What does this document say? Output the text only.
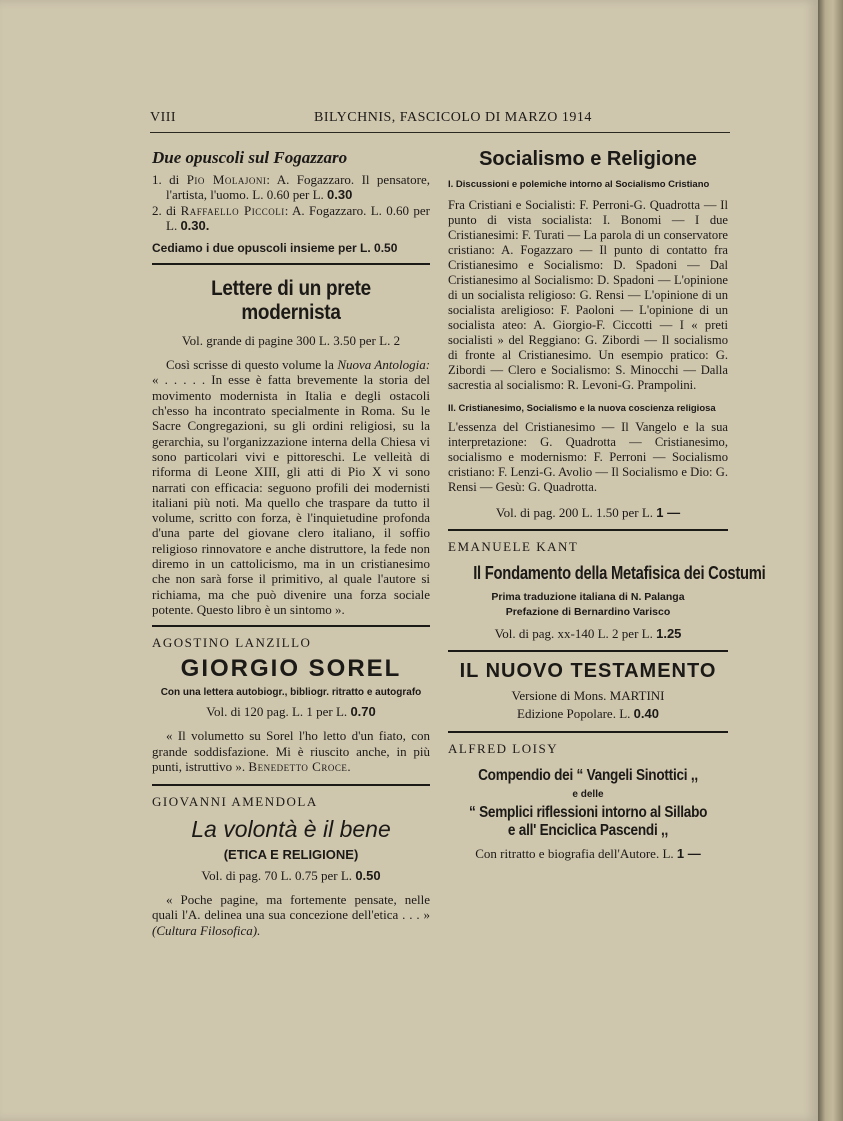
VIII	BILYCHNIS, FASCICOLO DI MARZO 1914
Due opuscoli sul Fogazzaro
1. di Pio Molajoni: A. Fogazzaro. Il pensatore, l'artista, l'uomo. L. 0.60 per L. 0.30
2. di Raffaello Piccoli: A. Fogazzaro. L. 0.60 per L. 0.30.

Cediamo i due opuscoli insieme per L. 0.50

Lettere di un prete modernista

Vol. grande di pagine 300 L. 3.50 per L. 2

Così scrisse di questo volume la Nuova Antologia: « . . . . . In esse è fatta brevemente la storia del movimento modernista in Italia e degli ostacoli ch'esso ha incontrato specialmente in Roma. Su le Sacre Congregazioni, su gli ordini religiosi, su la gerarchia, su l'organizzazione interna della Chiesa vi sono particolari vivi e pittoreschi. Le velleità di riforma di Leone XIII, gli atti di Pio X vi sono narrati con efficacia: seguono profili dei modernisti italiani più noti. Ma quello che traspare da tutto il volume, scritto con forza, è l'inquietudine profonda d'una parte del giovane clero italiano, il soffio religioso rinnovatore e anche distruttore, la fede non diremo in un cattolicismo, ma in un cristianesimo che non sarà forse il primitivo, al quale l'autore si richiama, ma che può divenire una forza sociale potente. Questo libro è un sintomo ».

AGOSTINO LANZILLO

GIORGIO SOREL

Con una lettera autobiogr., bibliogr. ritratto e autografo

Vol. di 120 pag. L. 1 per L. 0.70

« Il volumetto su Sorel l'ho letto d'un fiato, con grande soddisfazione. Mi è riuscito anche, in più punti, istruttivo ». Benedetto Croce.

GIOVANNI AMENDOLA

La volontà è il bene

(ETICA E RELIGIONE)

Vol. di pag. 70 L. 0.75 per L. 0.50

« Poche pagine, ma fortemente pensate, nelle quali l'A. delinea una sua concezione dell'etica . . . » (Cultura Filosofica).

Socialismo e Religione

I. Discussioni e polemiche intorno al Socialismo Cristiano

Fra Cristiani e Socialisti: F. Perroni-G. Quadrotta — Il punto di vista socialista: I. Bonomi — I due Cristianesimi: F. Turati — La parola di un conservatore cristiano: A. Fogazzaro — Il punto di contatto fra Cristianesimo e Socialismo: D. Spadoni — Dal Cristianesimo al Socialismo: D. Spadoni — L'opinione di un socialista religioso: G. Rensi — L'opinione di un socialista areligioso: F. Paoloni — L'opinione di un socialista ateo: A. Giorgio-F. Ciccotti — I « preti socialisti » del Reggiano: G. Zibordi — Il socialismo di fronte al Cristianesimo. Un esempio pratico: G. Zibordi — Clero e Socialismo: S. Minocchi — Dalla sacrestia al socialismo: R. Levoni-G. Prampolini.

II. Cristianesimo, Socialismo e la nuova coscienza religiosa

L'essenza del Cristianesimo — Il Vangelo e la sua interpretazione: G. Quadrotta — Cristianesimo, socialismo e modernismo: F. Perroni — Socialismo cristiano: F. Lenzi-G. Avolio — Il Socialismo e Dio: G. Rensi — Gesù: G. Quadrotta.

Vol. di pag. 200 L. 1.50 per L. 1 —

EMANUELE KANT

Il Fondamento della Metafisica dei Costumi

Prima traduzione italiana di N. Palanga

Prefazione di Bernardino Varisco

Vol. di pag. xx-140 L. 2 per L. 1.25

IL NUOVO TESTAMENTO

Versione di Mons. MARTINI

Edizione Popolare. L. 0.40

ALFRED LOISY

Compendio dei “ Vangeli Sinottici ,,

e delle

“ Semplici riflessioni intorno al Sillabo
e all' Enciclica Pascendi ,,

Con ritratto e biografia dell'Autore. L. 1 —
